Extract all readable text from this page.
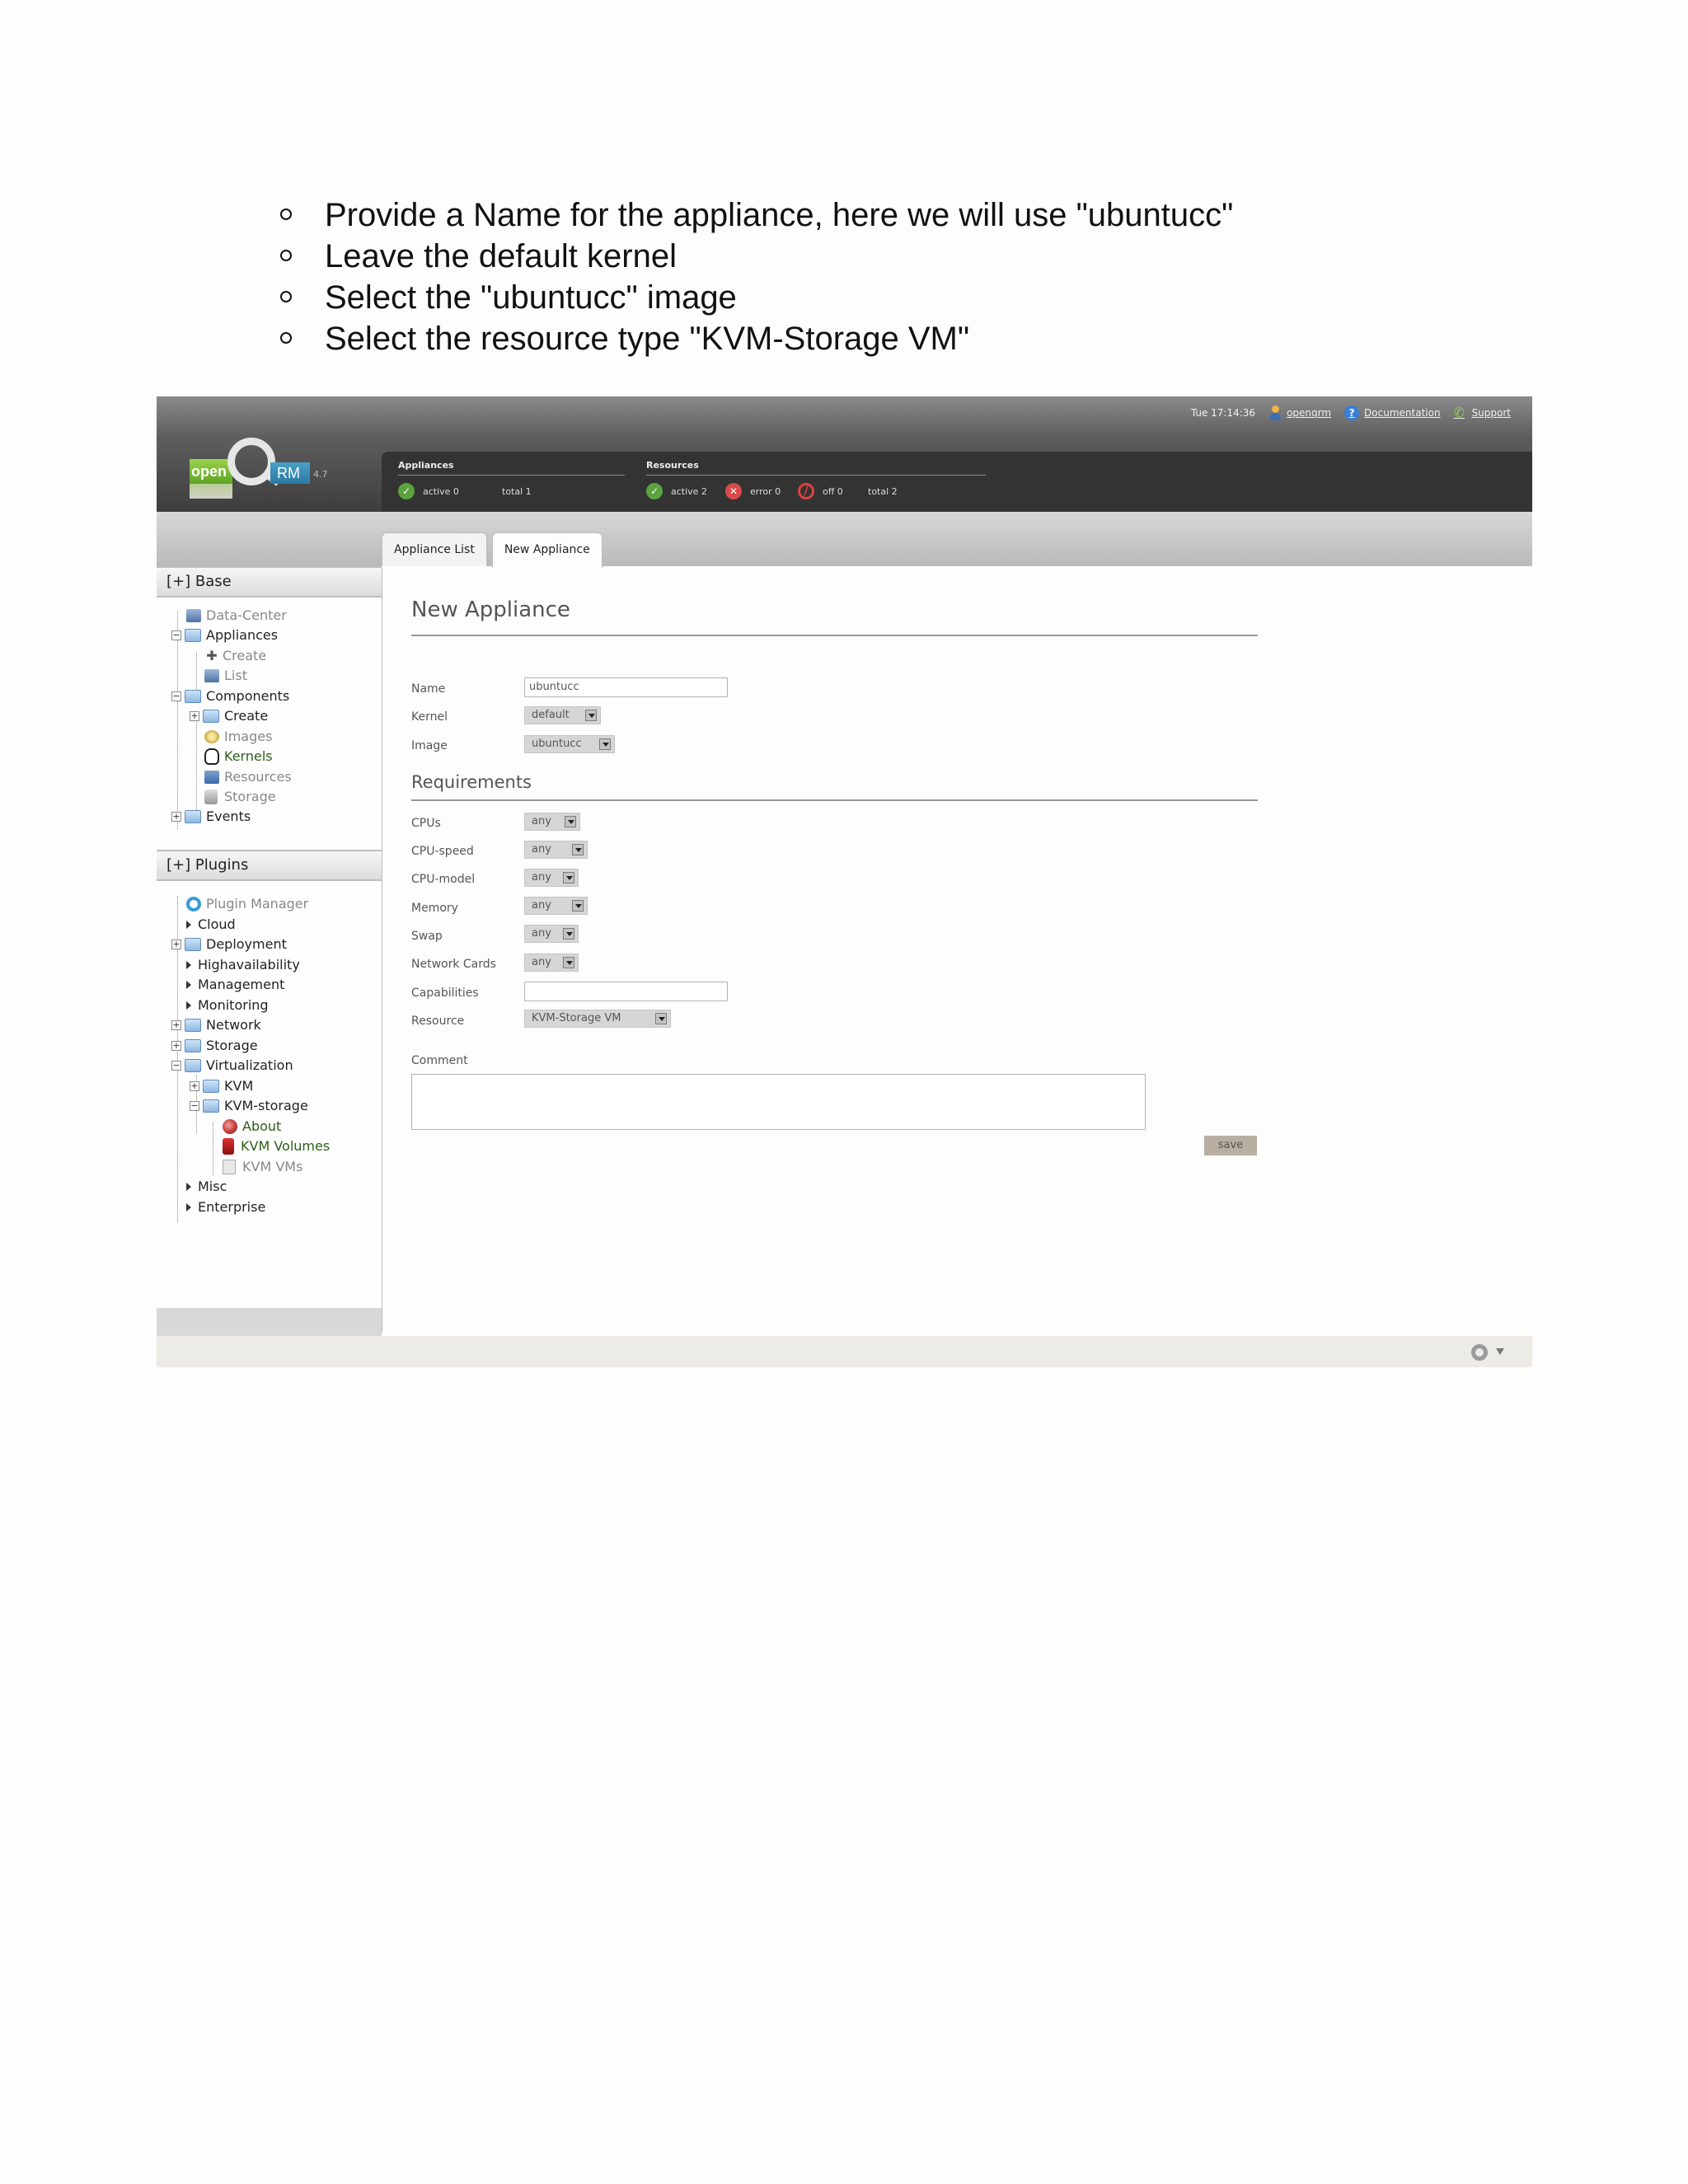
Provide a Name for the appliance, here we will use "ubuntucc"
Leave the default kernel
Select the "ubuntucc" image
Select the resource type "KVM-Storage VM"
open	RM	4.7
Tue 17:14:36	openqrm	? Documentation ✆ Support
Appliances
✓	active 0	total 1
Resources
✓	active 2	✕	error 0	/	off 0	total 2
Appliance List	New Appliance
[+] Base
Data-Center
− Appliances
✚ Create
List
− Components
+ Create
Images
Kernels
Resources
Storage
+ Events
[+] Plugins
Plugin Manager
Cloud
+ Deployment
Highavailability
Management
Monitoring
+ Network
+ Storage
− Virtualization
+ KVM
− KVM-storage
About
KVM Volumes
KVM VMs
Misc
Enterprise
New Appliance
Name	ubuntucc
Kernel	default
Image	ubuntucc
Requirements
CPUs	any
CPU-speed	any
CPU-model	any
Memory	any
Swap	any
Network Cards	any
Capabilities
Resource	KVM-Storage VM
Comment
save
